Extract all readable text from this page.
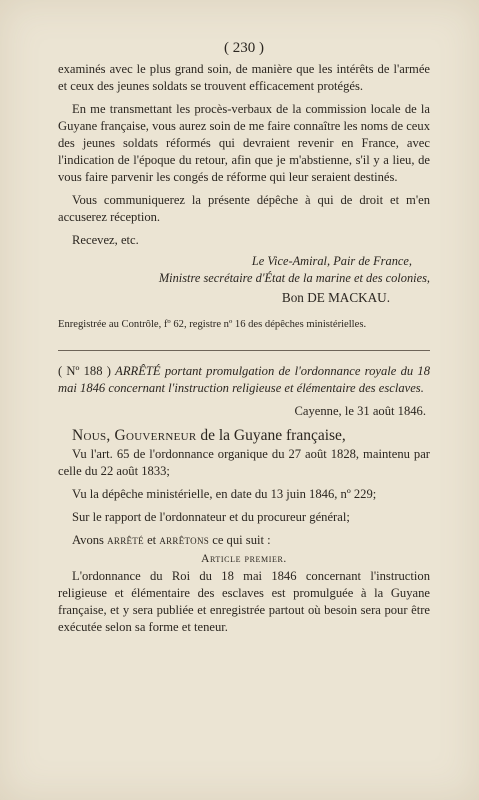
( 230 )

examinés avec le plus grand soin, de manière que les intérêts de l'armée et ceux des jeunes soldats se trouvent efficacement protégés.

En me transmettant les procès-verbaux de la commission locale de la Guyane française, vous aurez soin de me faire connaître les noms de ceux des jeunes soldats réformés qui devraient revenir en France, avec l'indication de l'époque du retour, afin que je m'abstienne, s'il y a lieu, de vous faire parvenir les congés de réforme qui leur seraient destinés.

Vous communiquerez la présente dépêche à qui de droit et m'en accuserez réception.

Recevez, etc.

Le Vice-Amiral, Pair de France,
Ministre secrétaire d'État de la marine et des colonies,
Bon DE MACKAU.
Enregistrée au Contrôle, fº 62, registre nº 16 des dépêches ministérielles.

( Nº 188 ) ARRÊTÉ portant promulgation de l'ordonnance royale du 18 mai 1846 concernant l'instruction religieuse et élémentaire des esclaves.

Cayenne, le 31 août 1846.
Nous, Gouverneur de la Guyane française,

Vu l'art. 65 de l'ordonnance organique du 27 août 1828, maintenu par celle du 22 août 1833;

Vu la dépêche ministérielle, en date du 13 juin 1846, nº 229;

Sur le rapport de l'ordonnateur et du procureur général;

Avons arrêté et arrêtons ce qui suit :

Article premier.

L'ordonnance du Roi du 18 mai 1846 concernant l'instruction religieuse et élémentaire des esclaves est promulguée à la Guyane française, et y sera publiée et enregistrée partout où besoin sera pour être exécutée selon sa forme et teneur.
